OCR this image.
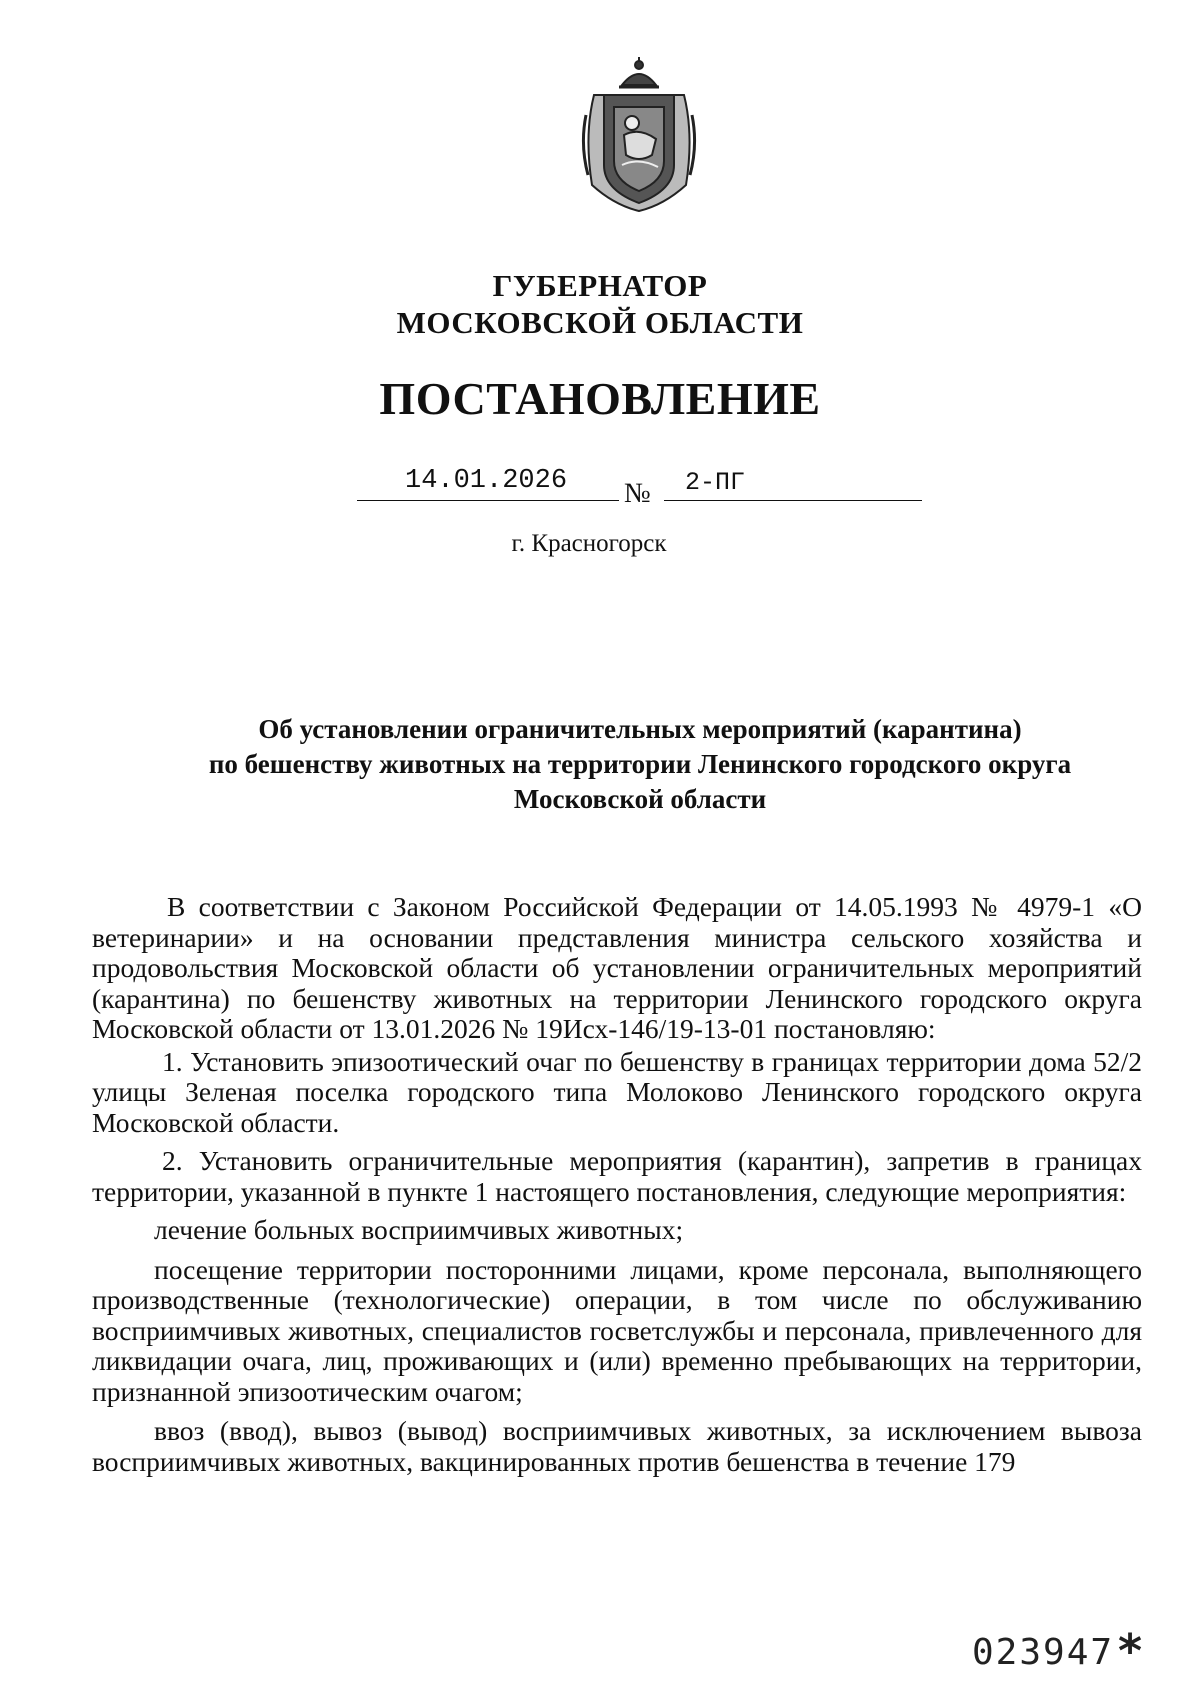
ГУБЕРНАТОР
МОСКОВСКОЙ ОБЛАСТИ
ПОСТАНОВЛЕНИЕ
14.01.2026 № 2-ПГ
г. Красногорск
Об установлении ограничительных мероприятий (карантина)
по бешенству животных на территории Ленинского городского округа
Московской области

В соответствии с Законом Российской Федерации от 14.05.1993 № 4979-1 «О ветеринарии» и на основании представления министра сельского хозяйства и продовольствия Московской области об установлении ограничительных мероприятий (карантина) по бешенству животных на территории Ленинского городского округа Московской области от 13.01.2026 № 19Исх-146/19-13-01 постановляю:

1. Установить эпизоотический очаг по бешенству в границах территории дома 52/2 улицы Зеленая поселка городского типа Молоково Ленинского городского округа Московской области.

2. Установить ограничительные мероприятия (карантин), запретив в границах территории, указанной в пункте 1 настоящего постановления, следующие мероприятия:

лечение больных восприимчивых животных;

посещение территории посторонними лицами, кроме персонала, выполняющего производственные (технологические) операции, в том числе по обслуживанию восприимчивых животных, специалистов госветслужбы и персонала, привлеченного для ликвидации очага, лиц, проживающих и (или) временно пребывающих на территории, признанной эпизоотическим очагом;

ввоз (ввод), вывоз (вывод) восприимчивых животных, за исключением вывоза восприимчивых животных, вакцинированных против бешенства в течение 179

023947 *
